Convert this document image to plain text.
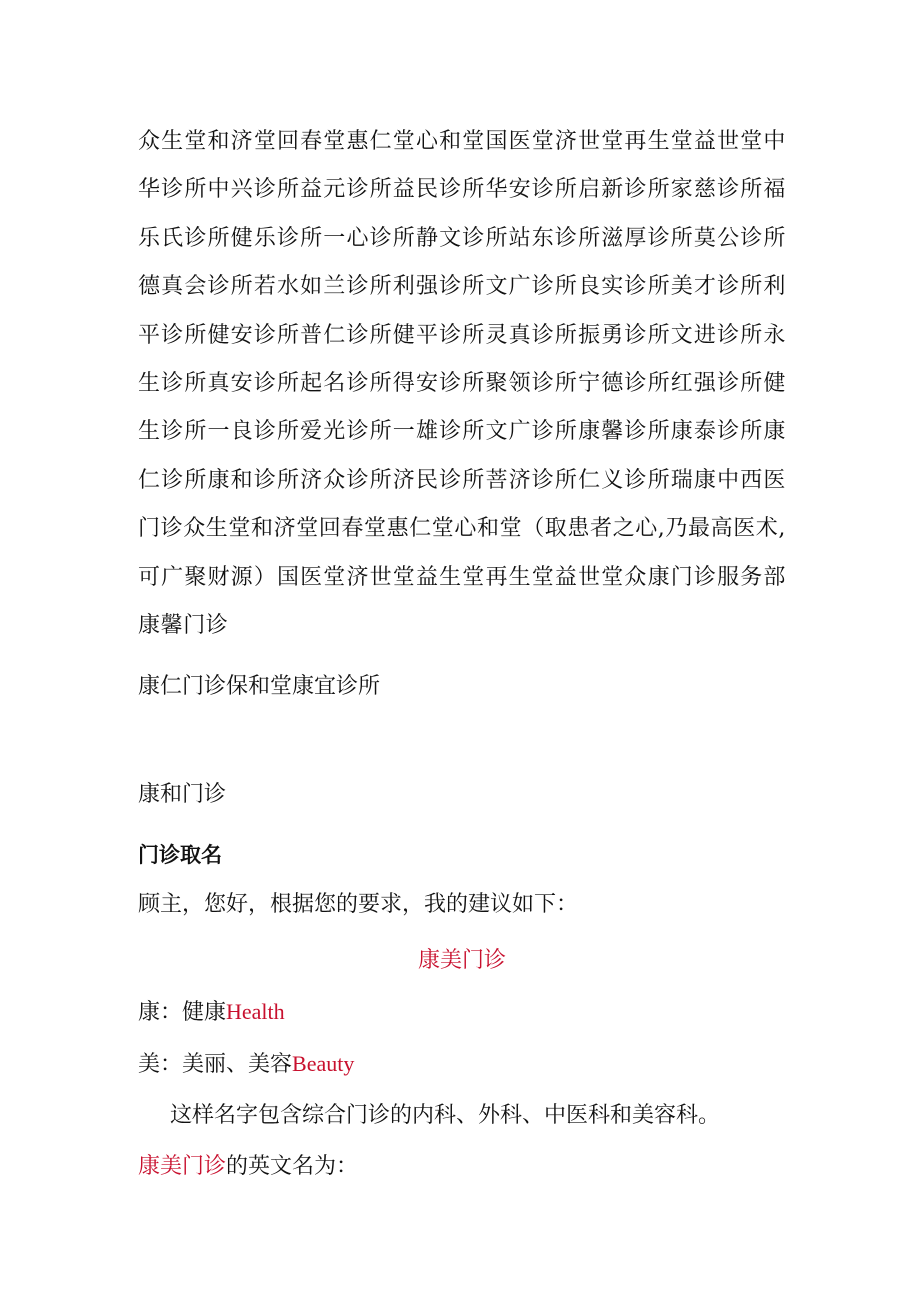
众生堂和济堂回春堂惠仁堂心和堂国医堂济世堂再生堂益世堂中华诊所中兴诊所益元诊所益民诊所华安诊所启新诊所家慈诊所福乐氏诊所健乐诊所一心诊所静文诊所站东诊所滋厚诊所莫公诊所德真会诊所若水如兰诊所利强诊所文广诊所良实诊所美才诊所利平诊所健安诊所普仁诊所健平诊所灵真诊所振勇诊所文进诊所永生诊所真安诊所起名诊所得安诊所聚领诊所宁德诊所红强诊所健生诊所一良诊所爱光诊所一雄诊所文广诊所康馨诊所康泰诊所康仁诊所康和诊所济众诊所济民诊所菩济诊所仁义诊所瑞康中西医门诊众生堂和济堂回春堂惠仁堂心和堂（取患者之心,乃最高医术,可广聚财源）国医堂济世堂益生堂再生堂益世堂众康门诊服务部康馨门诊

康仁门诊保和堂康宜诊所

康和门诊

门诊取名

顾主，您好，根据您的要求，我的建议如下：

康美门诊

康：健康Health

美：美丽、美容Beauty

这样名字包含综合门诊的内科、外科、中医科和美容科。

康美门诊的英文名为：
